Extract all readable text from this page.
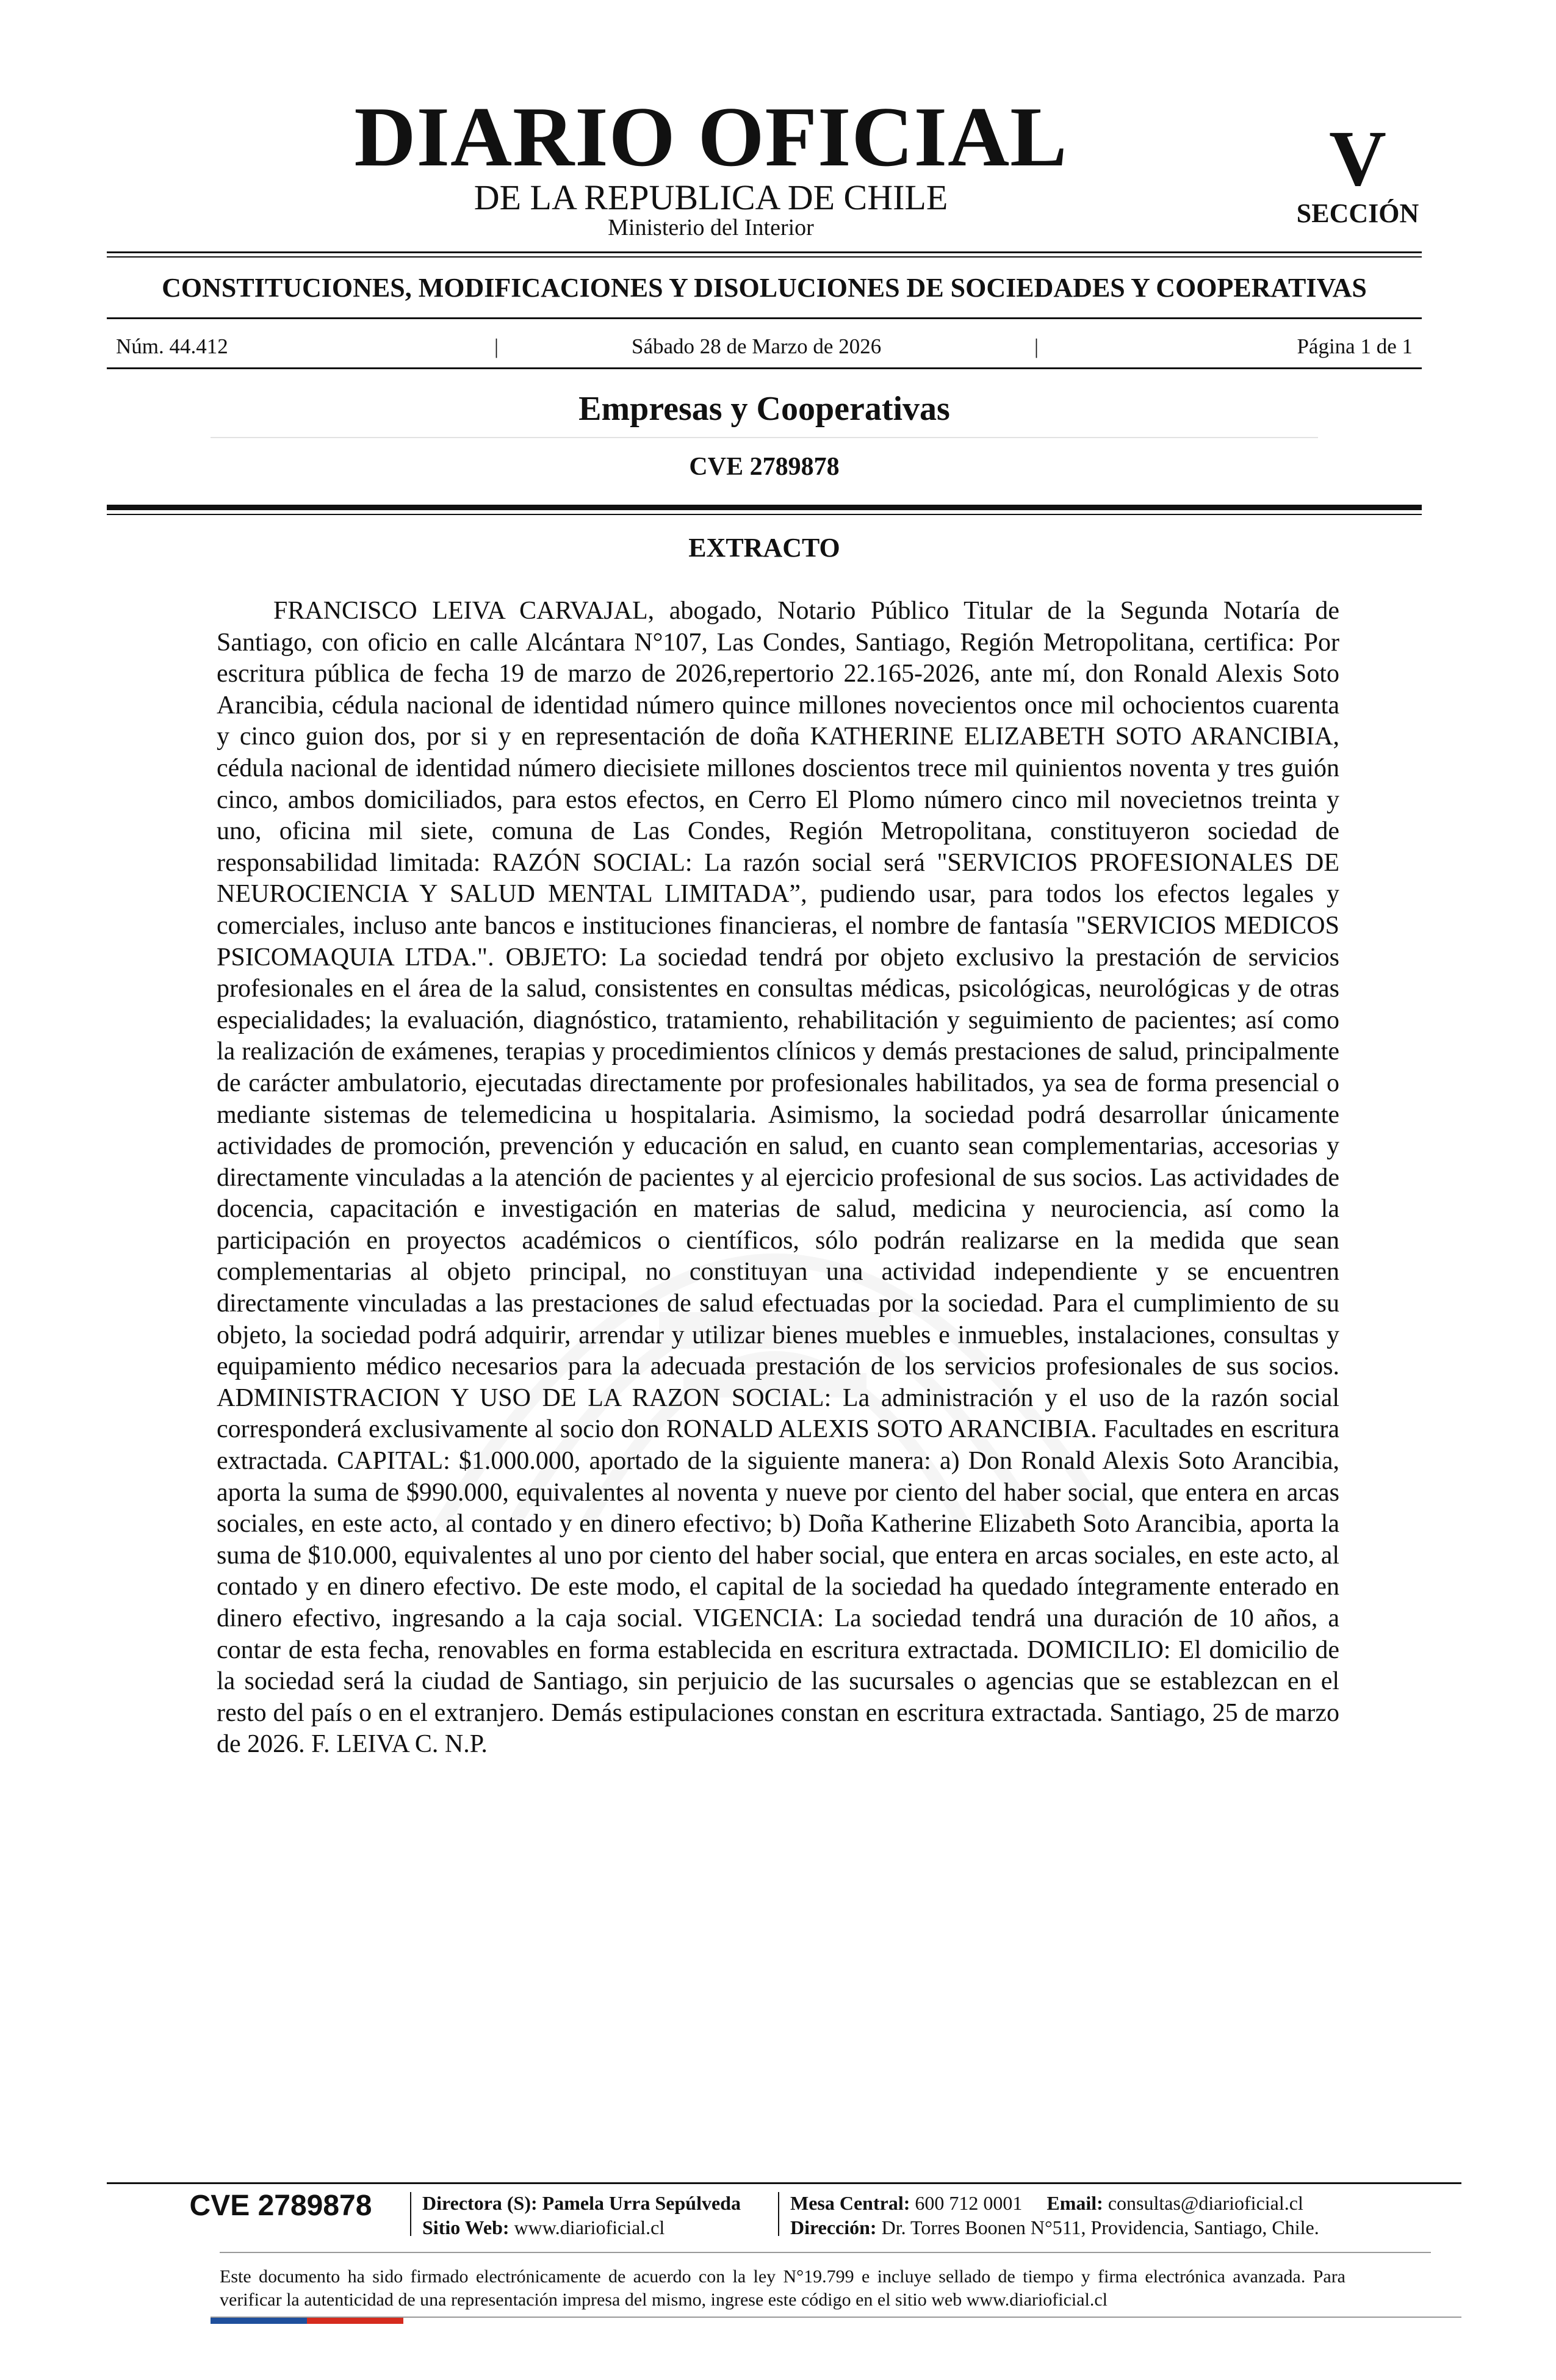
DIARIO OFICIAL
DE LA REPUBLICA DE CHILE
Ministerio del Interior
V
SECCIÓN
CONSTITUCIONES, MODIFICACIONES Y DISOLUCIONES DE SOCIEDADES Y COOPERATIVAS
Núm. 44.412	|	Sábado 28 de Marzo de 2026	|	Página 1 de 1
Empresas y Cooperativas
CVE 2789878
EXTRACTO

FRANCISCO LEIVA CARVAJAL, abogado, Notario Público Titular de la Segunda Notaría de Santiago, con oficio en calle Alcántara N°107, Las Condes, Santiago, Región Metropolitana, certifica: Por escritura pública de fecha 19 de marzo de 2026,repertorio 22.165-2026, ante mí, don Ronald Alexis Soto Arancibia, cédula nacional de identidad número quince millones novecientos once mil ochocientos cuarenta y cinco guion dos, por si y en representación de doña KATHERINE ELIZABETH SOTO ARANCIBIA, cédula nacional de identidad número diecisiete millones doscientos trece mil quinientos noventa y tres guión cinco, ambos domiciliados, para estos efectos, en Cerro El Plomo número cinco mil novecietnos treinta y uno, oficina mil siete, comuna de Las Condes, Región Metropolitana, constituyeron sociedad de responsabilidad limitada: RAZÓN SOCIAL: La razón social será "SERVICIOS PROFESIONALES DE NEUROCIENCIA Y SALUD MENTAL LIMITADA”, pudiendo usar, para todos los efectos legales y comerciales, incluso ante bancos e instituciones financieras, el nombre de fantasía "SERVICIOS MEDICOS PSICOMAQUIA LTDA.". OBJETO: La sociedad tendrá por objeto exclusivo la prestación de servicios profesionales en el área de la salud, consistentes en consultas médicas, psicológicas, neurológicas y de otras especialidades; la evaluación, diagnóstico, tratamiento, rehabilitación y seguimiento de pacientes; así como la realización de exámenes, terapias y procedimientos clínicos y demás prestaciones de salud, principalmente de carácter ambulatorio, ejecutadas directamente por profesionales habilitados, ya sea de forma presencial o mediante sistemas de telemedicina u hospitalaria. Asimismo, la sociedad podrá desarrollar únicamente actividades de promoción, prevención y educación en salud, en cuanto sean complementarias, accesorias y directamente vinculadas a la atención de pacientes y al ejercicio profesional de sus socios. Las actividades de docencia, capacitación e investigación en materias de salud, medicina y neurociencia, así como la participación en proyectos académicos o científicos, sólo podrán realizarse en la medida que sean complementarias al objeto principal, no constituyan una actividad independiente y se encuentren directamente vinculadas a las prestaciones de salud efectuadas por la sociedad. Para el cumplimiento de su objeto, la sociedad podrá adquirir, arrendar y utilizar bienes muebles e inmuebles, instalaciones, consultas y equipamiento médico necesarios para la adecuada prestación de los servicios profesionales de sus socios. ADMINISTRACION Y USO DE LA RAZON SOCIAL: La administración y el uso de la razón social corresponderá exclusivamente al socio don RONALD ALEXIS SOTO ARANCIBIA. Facultades en escritura extractada. CAPITAL: $1.000.000, aportado de la siguiente manera: a) Don Ronald Alexis Soto Arancibia, aporta la suma de $990.000, equivalentes al noventa y nueve por ciento del haber social, que entera en arcas sociales, en este acto, al contado y en dinero efectivo; b) Doña Katherine Elizabeth Soto Arancibia, aporta la suma de $10.000, equivalentes al uno por ciento del haber social, que entera en arcas sociales, en este acto, al contado y en dinero efectivo. De este modo, el capital de la sociedad ha quedado íntegramente enterado en dinero efectivo, ingresando a la caja social. VIGENCIA: La sociedad tendrá una duración de 10 años, a contar de esta fecha, renovables en forma establecida en escritura extractada. DOMICILIO: El domicilio de la sociedad será la ciudad de Santiago, sin perjuicio de las sucursales o agencias que se establezcan en el resto del país o en el extranjero. Demás estipulaciones constan en escritura extractada. Santiago, 25 de marzo de 2026. F. LEIVA C. N.P.

CVE 2789878	Directora (S): Pamela Urra Sepúlveda
Sitio Web: www.diarioficial.cl
Mesa Central: 600 712 0001 Email: consultas@diarioficial.cl
Dirección: Dr. Torres Boonen N°511, Providencia, Santiago, Chile.
Este documento ha sido firmado electrónicamente de acuerdo con la ley N°19.799 e incluye sellado de tiempo y firma electrónica avanzada. Para verificar la autenticidad de una representación impresa del mismo, ingrese este código en el sitio web www.diarioficial.cl
